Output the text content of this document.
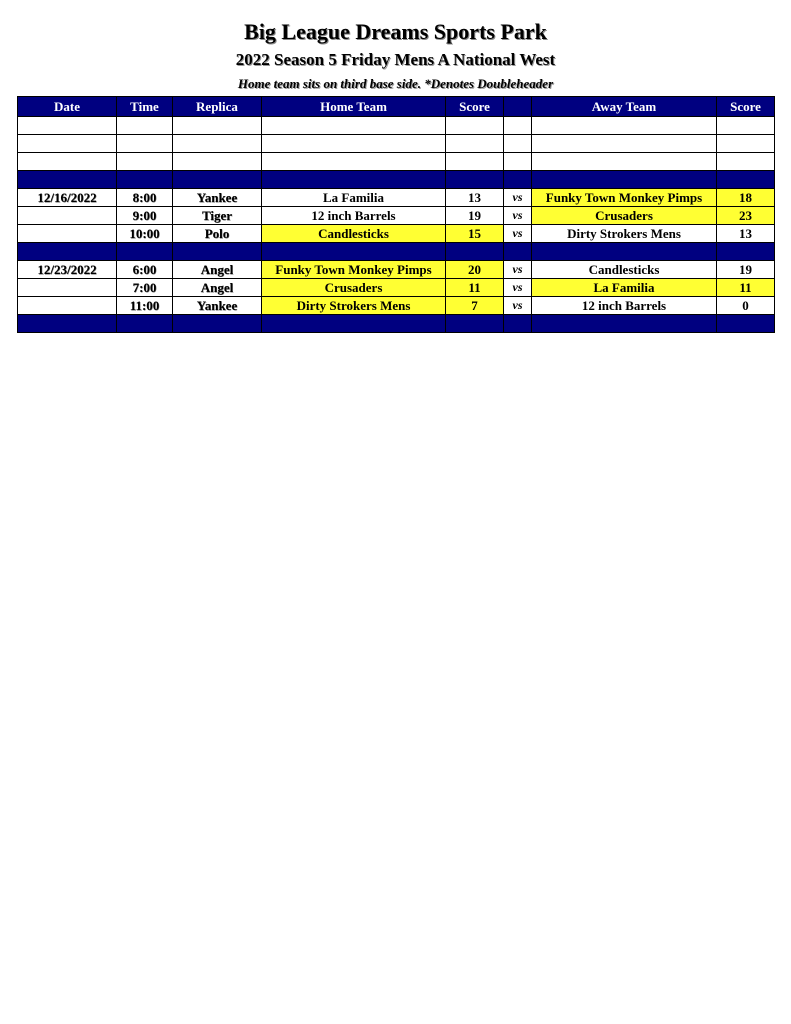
Big League Dreams Sports Park
2022 Season 5 Friday Mens A National West
Home team sits on third base side. *Denotes Doubleheader
Date	Time	Replica	Home Team	Score		Away Team	Score

12/16/2022	8:00	Yankee	La Familia	13	vs	Funky Town Monkey Pimps	18
	9:00	Tiger	12 inch Barrels	19	vs	Crusaders	23
	10:00	Polo	Candlesticks	15	vs	Dirty Strokers Mens	13

12/23/2022	6:00	Angel	Funky Town Monkey Pimps	20	vs	Candlesticks	19
	7:00	Angel	Crusaders	11	vs	La Familia	11
	11:00	Yankee	Dirty Strokers Mens	7	vs	12 inch Barrels	0
